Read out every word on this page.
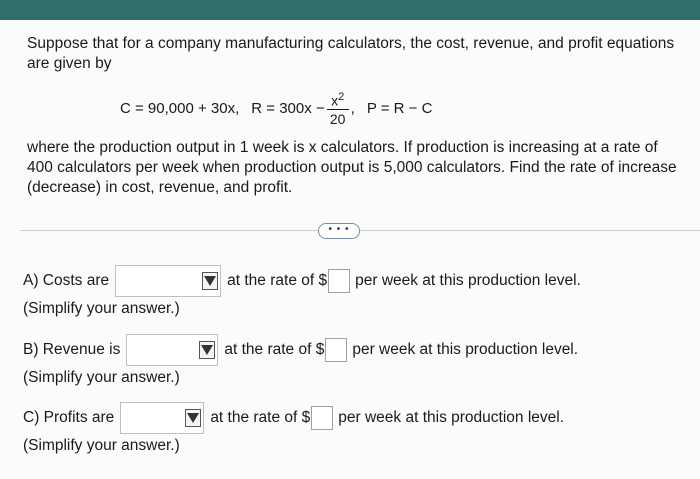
Suppose that for a company manufacturing calculators, the cost, revenue, and profit equations are given by
C = 90,000 + 30x, $R = 300x - \frac{x^2}{20}$ , P = R − C
where the production output in 1 week is x calculators. If production is increasing at a rate of 400 calculators per week when production output is 5,000 calculators. Find the rate of increase (decrease) in cost, revenue, and profit.
• • •
A) Costs are	at the rate of $ per week at this production level.
(Simplify your answer.)
B) Revenue is	at the rate of $ per week at this production level.
(Simplify your answer.)
C) Profits are	at the rate of $ per week at this production level.
(Simplify your answer.)
